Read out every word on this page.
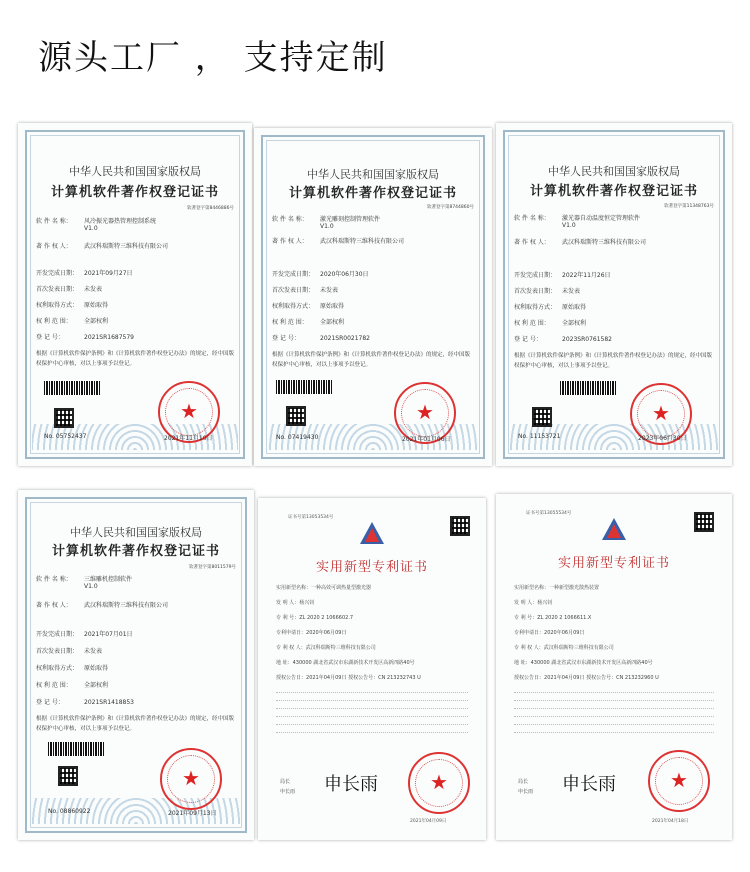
源头工厂 ， 支持定制
中华人民共和国国家版权局
计算机软件著作权登记证书
软著登字第8446886号
软 件 名 称： 风冷振光器热管理控制系统
V1.0
著 作 权 人： 武汉科瑞斯特三维科技有限公司
开发完成日期： 2021年09月27日
首次发表日期： 未发表
权利取得方式： 原始取得
权 利 范 围： 全部权利
登 记 号：	2021SR1687579
根据《计算机软件保护条例》和《计算机软件著作权登记办法》的规定，经中国版权保护中心审核，对以上事项予以登记。
★
No. 05752437	2021年11月10日
中华人民共和国国家版权局
计算机软件著作权登记证书
软著登字第8744860号
软 件 名 称： 激光雕刻控制管理软件
V1.0
著 作 权 人： 武汉科瑞斯特三维科技有限公司
开发完成日期： 2020年06月30日
首次发表日期： 未发表
权利取得方式： 原始取得
权 利 范 围： 全部权利
登 记 号：	2021SR0021782
根据《计算机软件保护条例》和《计算机软件著作权登记办法》的规定，经中国版权保护中心审核，对以上事项予以登记。
★
No. 07419430	2021年01月06日
中华人民共和国国家版权局
计算机软件著作权登记证书
软著登字第11348763号
软 件 名 称： 激光器自动温度恒定管理软件
V1.0
著 作 权 人： 武汉科瑞斯特三维科技有限公司
开发完成日期： 2022年11月26日
首次发表日期： 未发表
权利取得方式： 原始取得
权 利 范 围： 全部权利
登 记 号：	2023SR0761582
根据《计算机软件保护条例》和《计算机软件著作权登记办法》的规定，经中国版权保护中心审核，对以上事项予以登记。
★
No. 11153721	2023年06月30日
中华人民共和国国家版权局
计算机软件著作权登记证书
软著登字第8011579号
软 件 名 称： 三维雕机控制软件
V1.0
著 作 权 人： 武汉科瑞斯特三维科技有限公司
开发完成日期： 2021年07月01日
首次发表日期： 未发表
权利取得方式： 原始取得
权 利 范 围： 全部权利
登 记 号：	2021SR1418853
根据《计算机软件保护条例》和《计算机软件著作权登记办法》的规定，经中国版权保护中心审核，对以上事项予以登记。
★
No. 08860922	2021年09月13日
证书号第13053534号
实用新型专利证书
实用新型名称：一种高效可调热量型激光器
发 明 人：杨兴钊
专 利 号：ZL 2020 2 1066602.7
专利申请日：2020年06月09日
专 利 权 人：武汉科瑞斯特三维科技有限公司
地 址：430000 湖北省武汉市东湖新技术开发区高新四路40号
授权公告日：2021年04月09日 授权公告号：CN 213232743 U
局长
申长雨 申长雨	★
2021年04月09日
证书号第13055534号
实用新型专利证书
实用新型名称：一种新型激光散热装置
发 明 人：杨兴钊
专 利 号：ZL 2020 2 1066611.X
专利申请日：2020年06月09日
专 利 权 人：武汉科瑞斯特三维科技有限公司
地 址：430000 湖北省武汉市东湖新技术开发区高新四路40号
授权公告日：2021年04月09日 授权公告号：CN 213232960 U
局长
申长雨 申长雨	★
2021年04月18日
